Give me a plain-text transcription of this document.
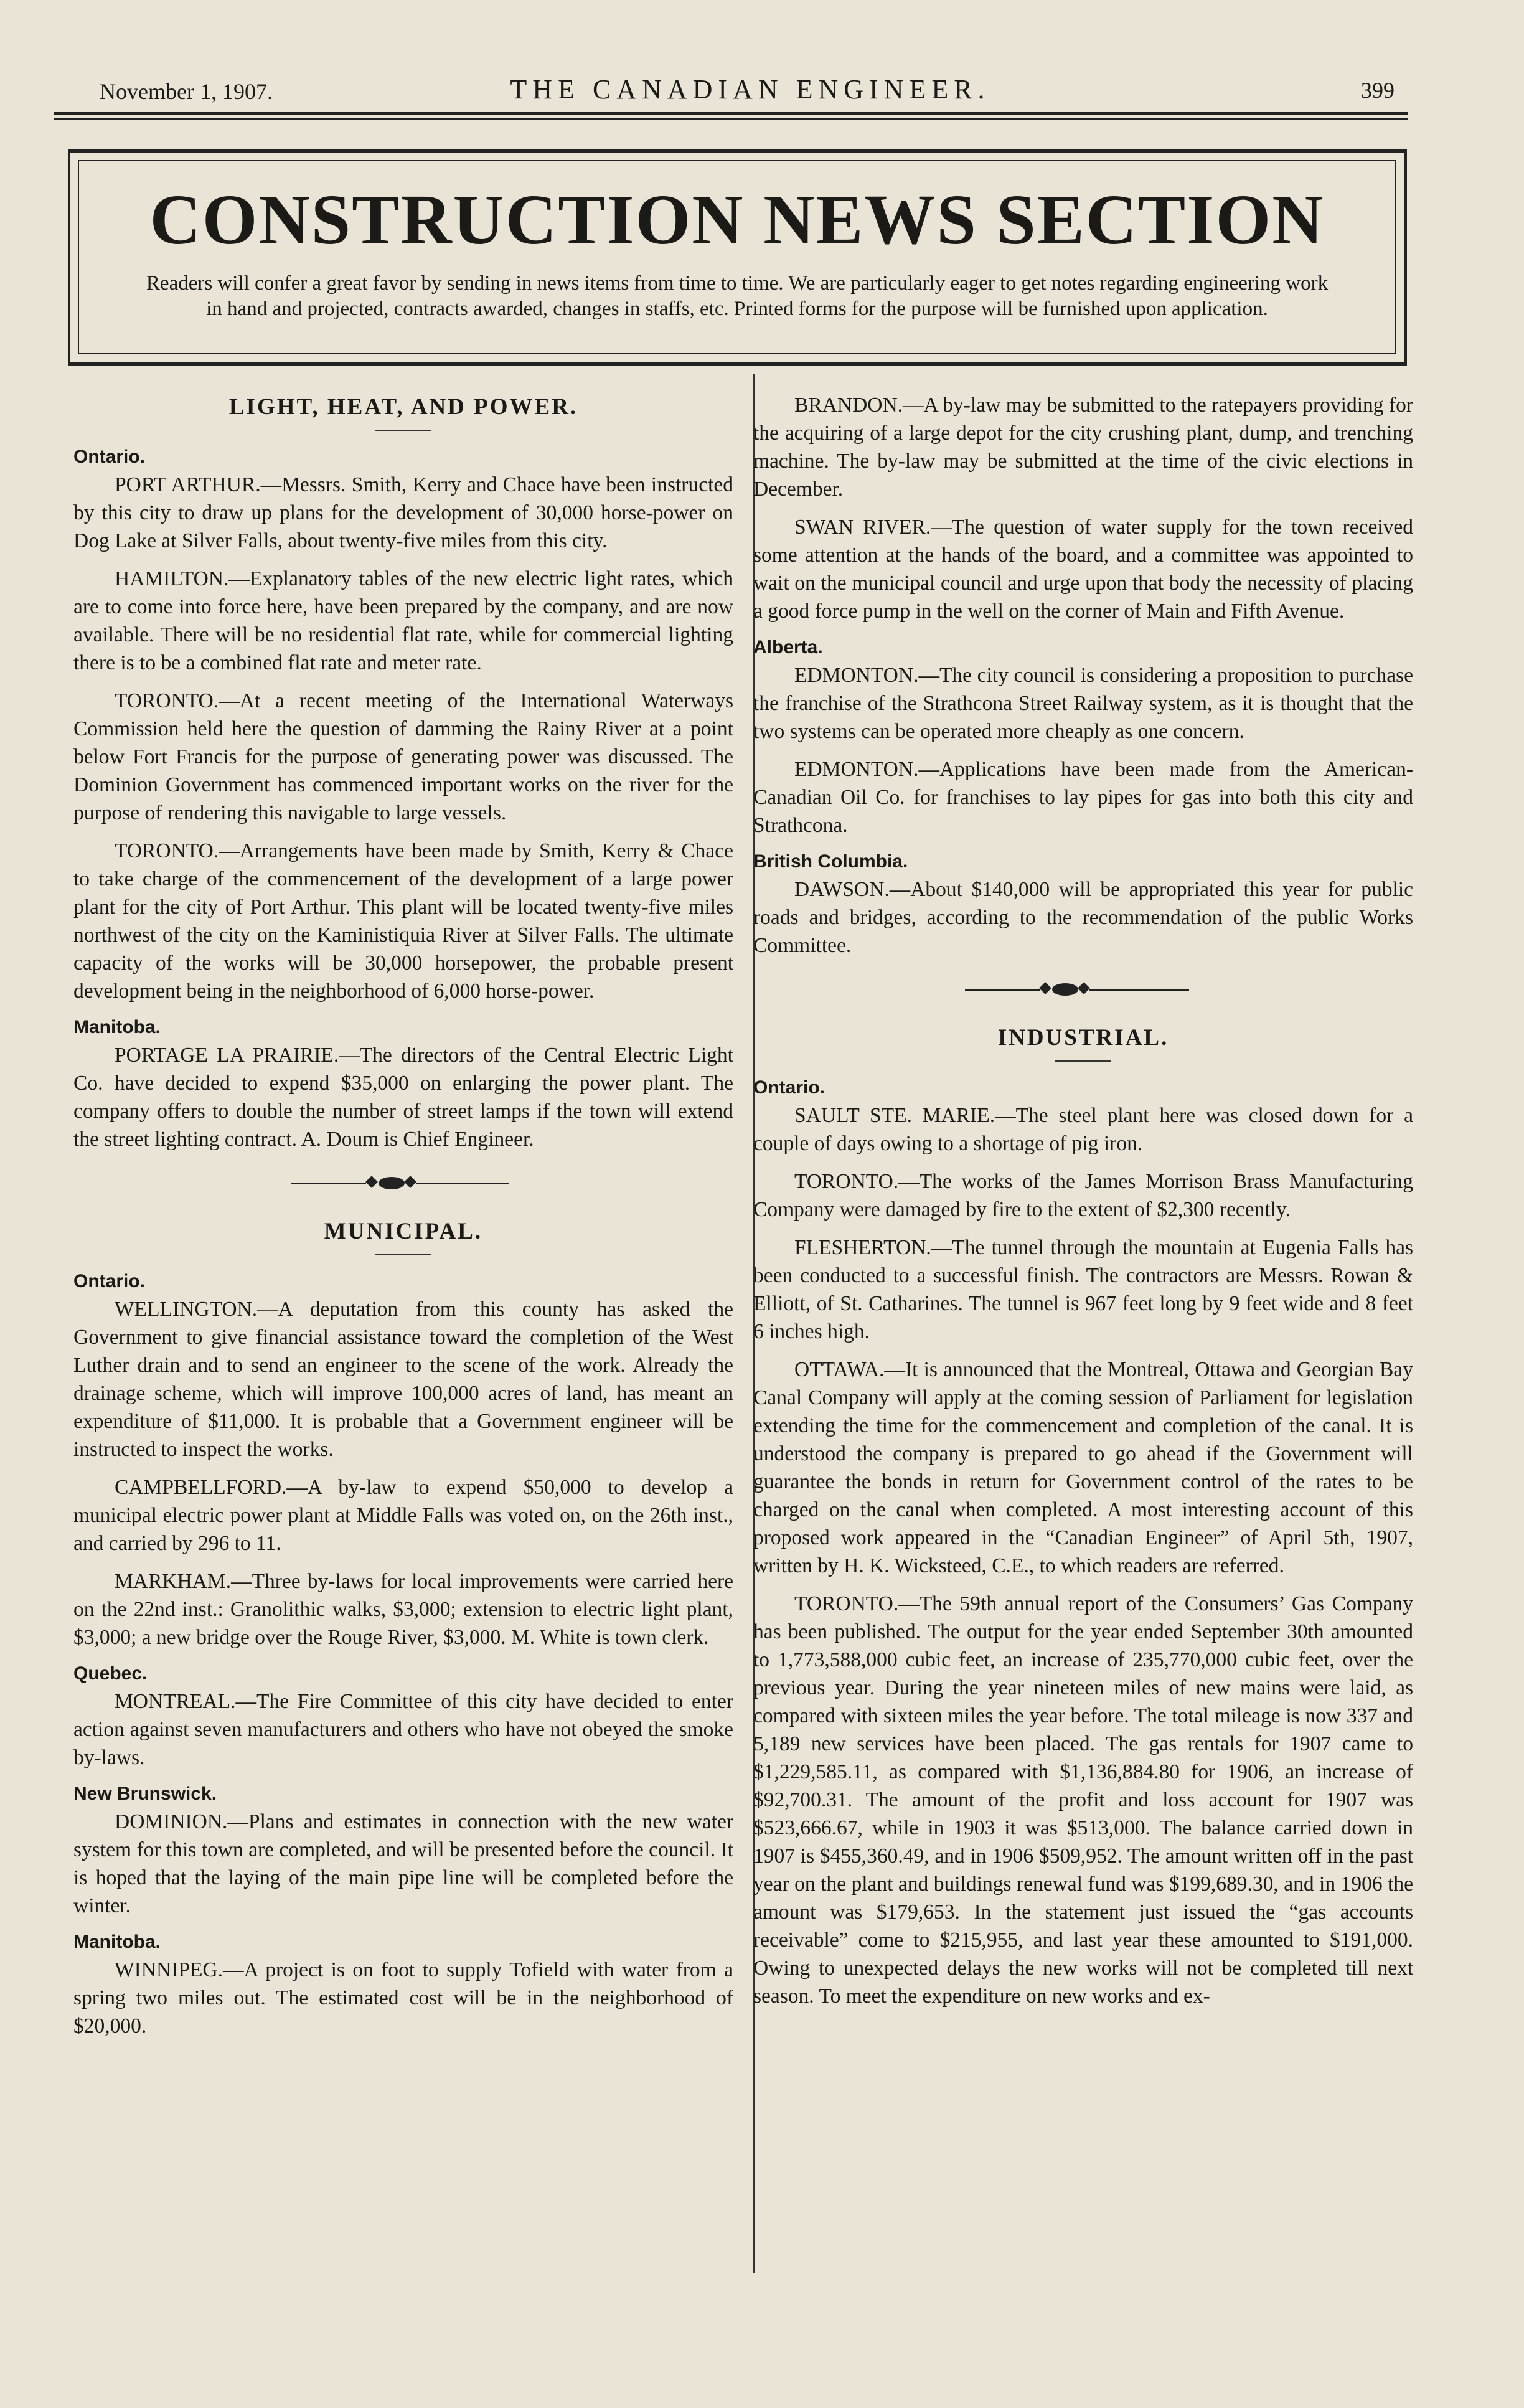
November 1, 1907.	THE CANADIAN ENGINEER.	399
CONSTRUCTION NEWS SECTION
Readers will confer a great favor by sending in news items from time to time. We are particularly eager to get notes regarding engineering work in hand and projected, contracts awarded, changes in staffs, etc. Printed forms for the purpose will be furnished upon application.
LIGHT, HEAT, AND POWER.
Ontario.

PORT ARTHUR.—Messrs. Smith, Kerry and Chace have been instructed by this city to draw up plans for the development of 30,000 horse-power on Dog Lake at Silver Falls, about twenty-five miles from this city.

HAMILTON.—Explanatory tables of the new electric light rates, which are to come into force here, have been prepared by the company, and are now available. There will be no residential flat rate, while for commercial lighting there is to be a combined flat rate and meter rate.

TORONTO.—At a recent meeting of the International Waterways Commission held here the question of damming the Rainy River at a point below Fort Francis for the purpose of generating power was discussed. The Dominion Government has commenced important works on the river for the purpose of rendering this navigable to large vessels.

TORONTO.—Arrangements have been made by Smith, Kerry & Chace to take charge of the commencement of the development of a large power plant for the city of Port Arthur. This plant will be located twenty-five miles northwest of the city on the Kaministiquia River at Silver Falls. The ultimate capacity of the works will be 30,000 horsepower, the probable present development being in the neighborhood of 6,000 horse-power.

Manitoba.

PORTAGE LA PRAIRIE.—The directors of the Central Electric Light Co. have decided to expend $35,000 on enlarging the power plant. The company offers to double the number of street lamps if the town will extend the street lighting contract. A. Doum is Chief Engineer.

MUNICIPAL.
Ontario.

WELLINGTON.—A deputation from this county has asked the Government to give financial assistance toward the completion of the West Luther drain and to send an engineer to the scene of the work. Already the drainage scheme, which will improve 100,000 acres of land, has meant an expenditure of $11,000. It is probable that a Government engineer will be instructed to inspect the works.

CAMPBELLFORD.—A by-law to expend $50,000 to develop a municipal electric power plant at Middle Falls was voted on, on the 26th inst., and carried by 296 to 11.

MARKHAM.—Three by-laws for local improvements were carried here on the 22nd inst.: Granolithic walks, $3,000; extension to electric light plant, $3,000; a new bridge over the Rouge River, $3,000. M. White is town clerk.

Quebec.

MONTREAL.—The Fire Committee of this city have decided to enter action against seven manufacturers and others who have not obeyed the smoke by-laws.

New Brunswick.

DOMINION.—Plans and estimates in connection with the new water system for this town are completed, and will be presented before the council. It is hoped that the laying of the main pipe line will be completed before the winter.

Manitoba.

WINNIPEG.—A project is on foot to supply Tofield with water from a spring two miles out. The estimated cost will be in the neighborhood of $20,000.

BRANDON.—A by-law may be submitted to the ratepayers providing for the acquiring of a large depot for the city crushing plant, dump, and trenching machine. The by-law may be submitted at the time of the civic elections in December.

SWAN RIVER.—The question of water supply for the town received some attention at the hands of the board, and a committee was appointed to wait on the municipal council and urge upon that body the necessity of placing a good force pump in the well on the corner of Main and Fifth Avenue.

Alberta.

EDMONTON.—The city council is considering a proposition to purchase the franchise of the Strathcona Street Railway system, as it is thought that the two systems can be operated more cheaply as one concern.

EDMONTON.—Applications have been made from the American-Canadian Oil Co. for franchises to lay pipes for gas into both this city and Strathcona.

British Columbia.

DAWSON.—About $140,000 will be appropriated this year for public roads and bridges, according to the recommendation of the public Works Committee.

INDUSTRIAL.
Ontario.

SAULT STE. MARIE.—The steel plant here was closed down for a couple of days owing to a shortage of pig iron.

TORONTO.—The works of the James Morrison Brass Manufacturing Company were damaged by fire to the extent of $2,300 recently.

FLESHERTON.—The tunnel through the mountain at Eugenia Falls has been conducted to a successful finish. The contractors are Messrs. Rowan & Elliott, of St. Catharines. The tunnel is 967 feet long by 9 feet wide and 8 feet 6 inches high.

OTTAWA.—It is announced that the Montreal, Ottawa and Georgian Bay Canal Company will apply at the coming session of Parliament for legislation extending the time for the commencement and completion of the canal. It is understood the company is prepared to go ahead if the Government will guarantee the bonds in return for Government control of the rates to be charged on the canal when completed. A most interesting account of this proposed work appeared in the “Canadian Engineer” of April 5th, 1907, written by H. K. Wicksteed, C.E., to which readers are referred.

TORONTO.—The 59th annual report of the Consumers’ Gas Company has been published. The output for the year ended September 30th amounted to 1,773,588,000 cubic feet, an increase of 235,770,000 cubic feet, over the previous year. During the year nineteen miles of new mains were laid, as compared with sixteen miles the year before. The total mileage is now 337 and 5,189 new services have been placed. The gas rentals for 1907 came to $1,229,585.11, as compared with $1,136,884.80 for 1906, an increase of $92,700.31. The amount of the profit and loss account for 1907 was $523,666.67, while in 1903 it was $513,000. The balance carried down in 1907 is $455,360.49, and in 1906 $509,952. The amount written off in the past year on the plant and buildings renewal fund was $199,689.30, and in 1906 the amount was $179,653. In the statement just issued the “gas accounts receivable” come to $215,955, and last year these amounted to $191,000. Owing to unexpected delays the new works will not be completed till next season. To meet the expenditure on new works and ex-
